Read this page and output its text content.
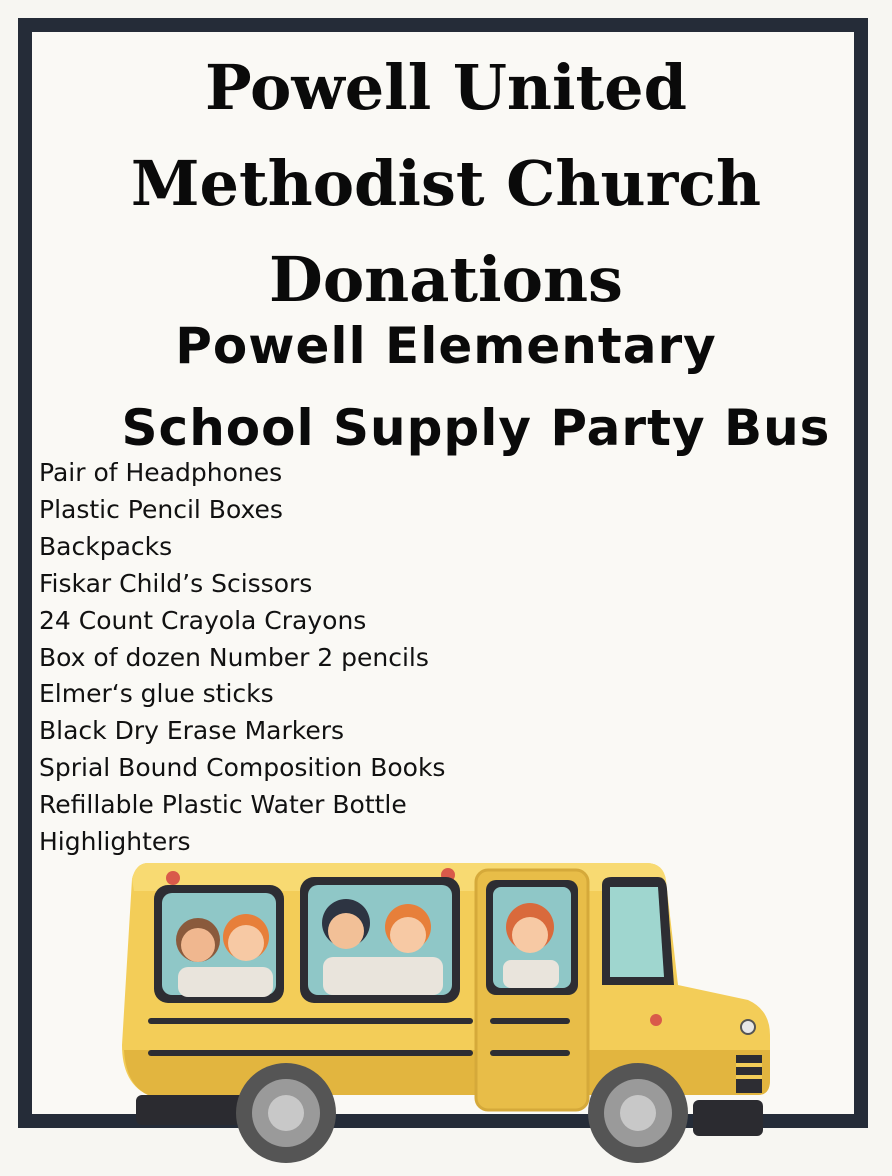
Powell United
Methodist Church
Donations
Powell Elementary
School Supply Party Bus
Pair of Headphones
Plastic Pencil Boxes
Backpacks
Fiskar Child’s Scissors
24 Count Crayola Crayons
Box of dozen Number 2 pencils
Elmer‘s glue sticks
Black Dry Erase Markers
Sprial Bound Composition Books
Refillable Plastic Water Bottle
Highlighters
